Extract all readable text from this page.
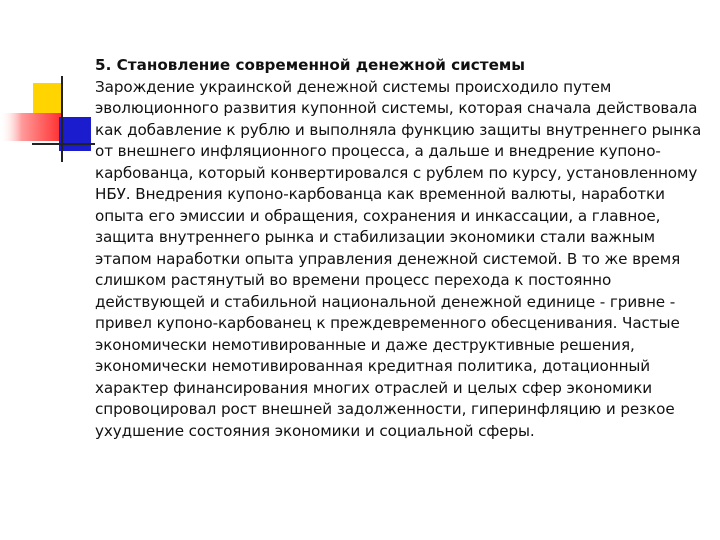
5. Становление современной денежной системы

Зарождение украинской денежной системы происходило путем эволюционного развития купонной системы, которая сначала действовала как добавление к рублю и выполняла функцию защиты внутреннего рынка от внешнего инфляционного процесса, а дальше и внедрение купоно-карбованца, который конвертировался с рублем по курсу, установленному НБУ. Внедрения купоно-карбованца как временной валюты, наработки опыта его эмиссии и обращения, сохранения и инкассации, а главное, защита внутреннего рынка и стабилизации экономики стали важным этапом наработки опыта управления денежной системой. В то же время слишком растянутый во времени процесс перехода к постоянно действующей и стабильной национальной денежной единице - гривне - привел купоно-карбованец к преждевременного обесценивания. Частые экономически немотивированные и даже деструктивные решения, экономически немотивированная кредитная политика, дотационный характер финансирования многих отраслей и целых сфер экономики спровоцировал рост внешней задолженности, гиперинфляцию и резкое ухудшение состояния экономики и социальной сферы.
